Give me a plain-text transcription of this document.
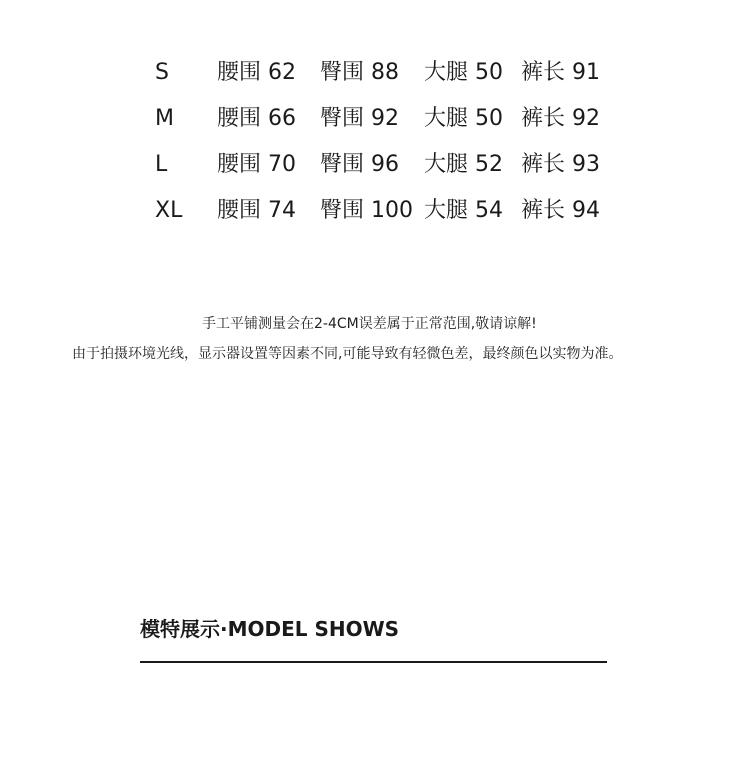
S 腰围 62 臀围 88 大腿 50 裤长 91
M 腰围 66 臀围 92 大腿 50 裤长 92
L 腰围 70 臀围 96 大腿 52 裤长 93
XL 腰围 74 臀围 100 大腿 54 裤长 94
手工平铺测量会在2-4CM误差属于正常范围,敬请谅解!
由于拍摄环境光线，显示器设置等因素不同,可能导致有轻微色差，最终颜色以实物为准。
模特展示·MODEL SHOWS
